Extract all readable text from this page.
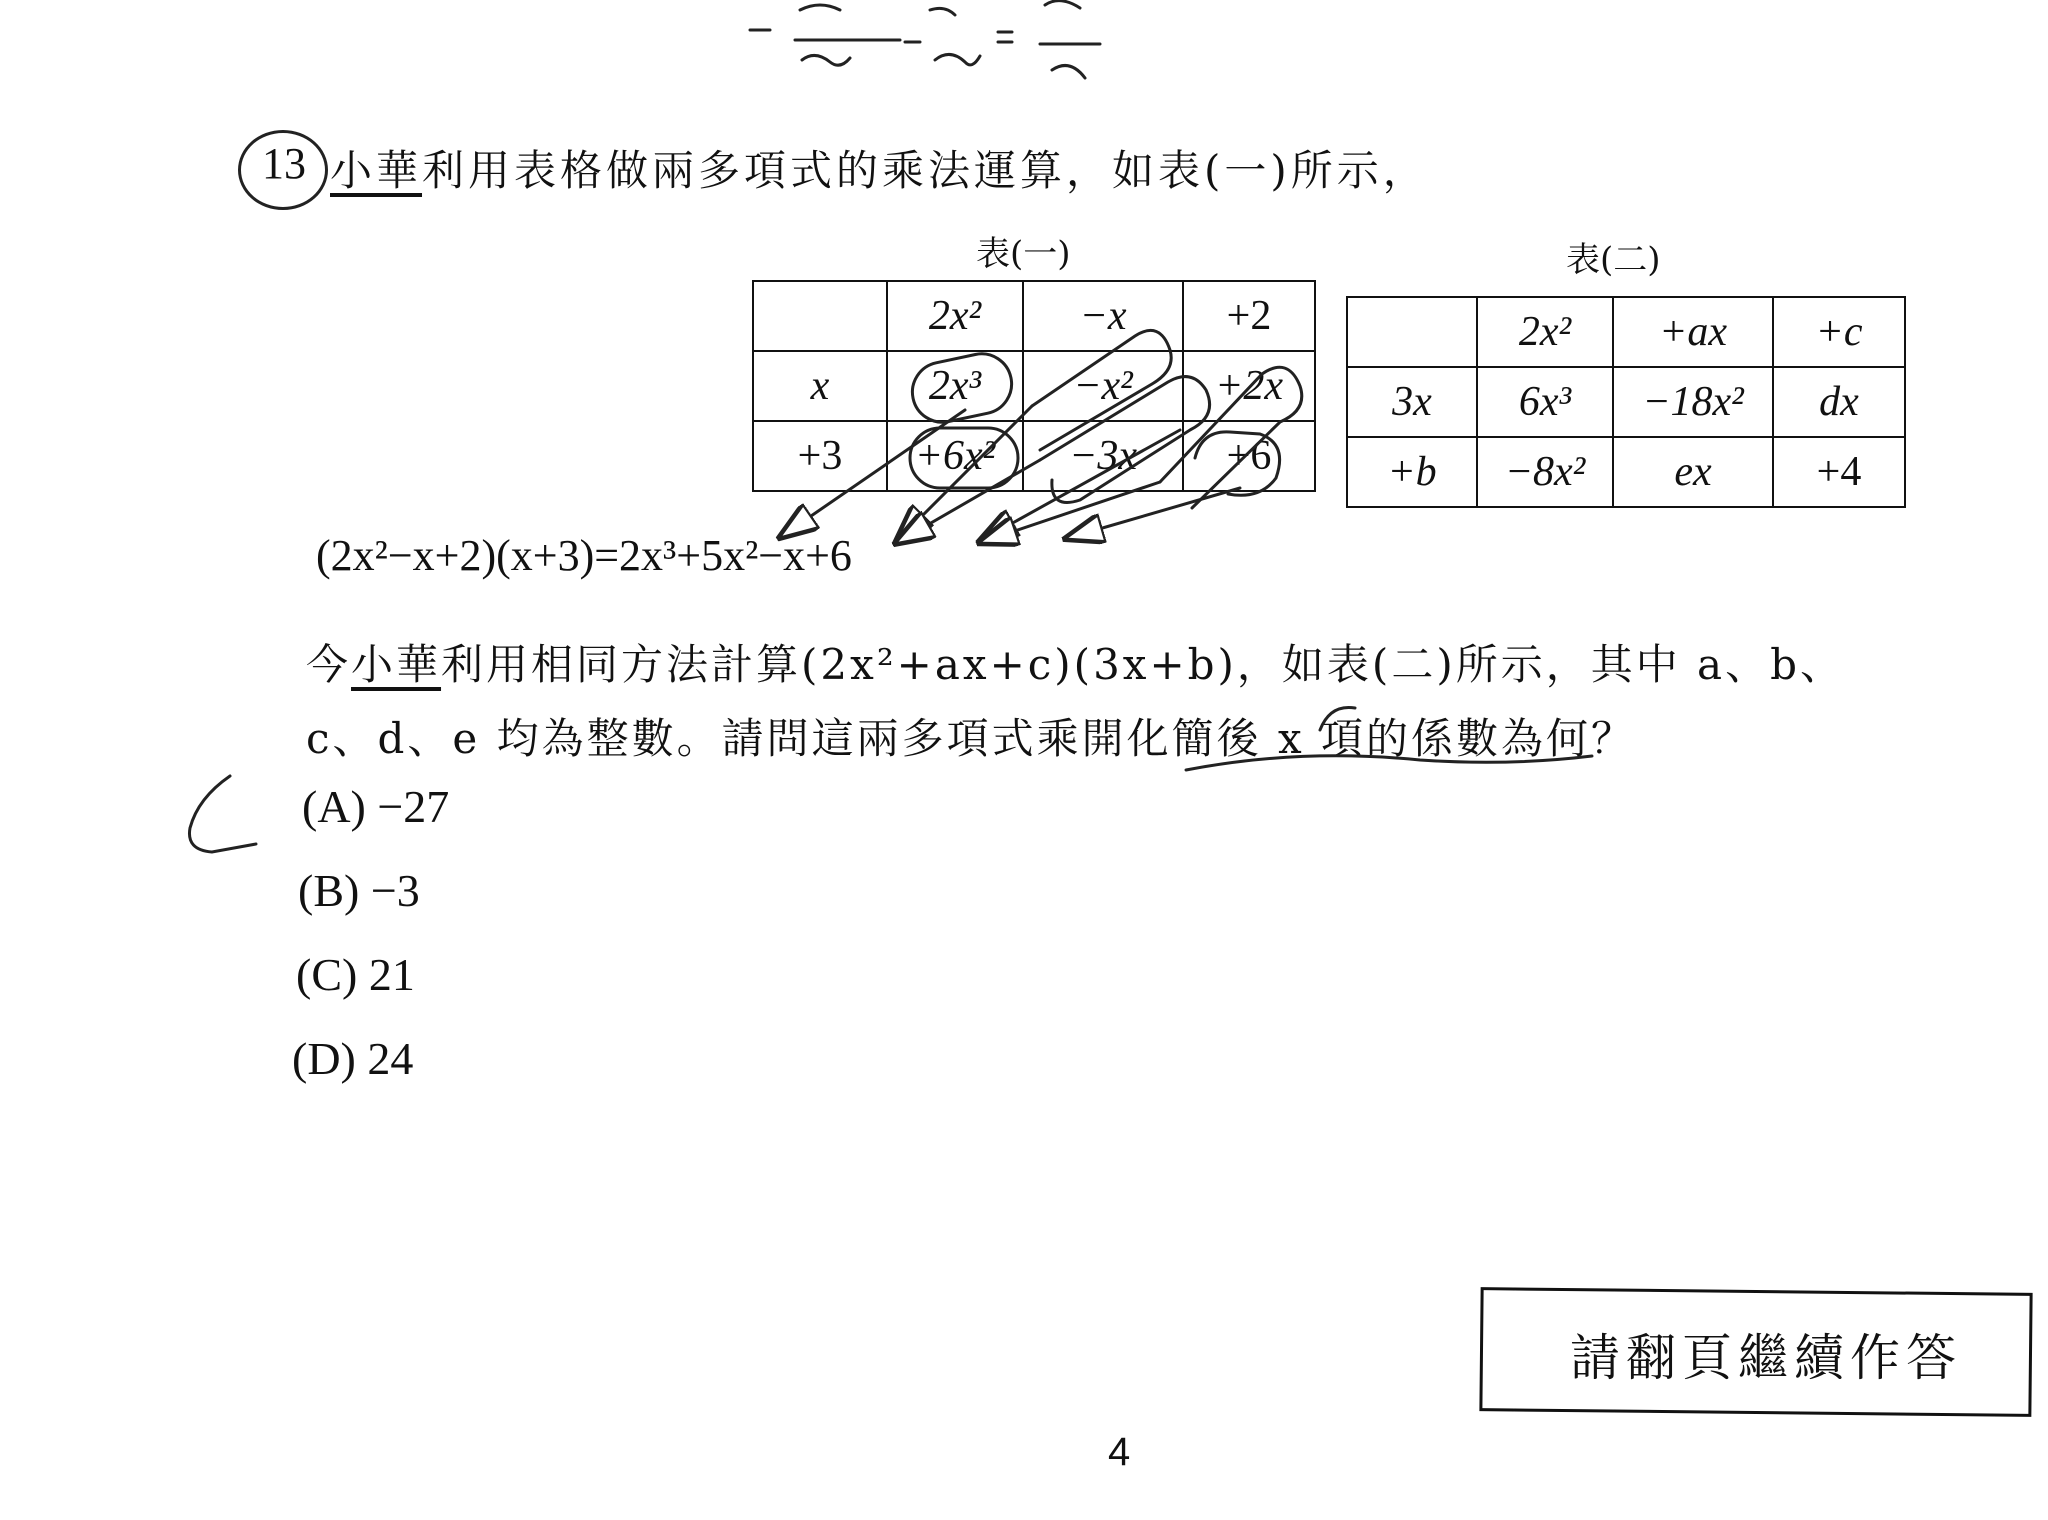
13 小華利用表格做兩多項式的乘法運算，如表(一)所示，
表(一)	表(二)
	2x²	−x	+2
x	2x³	−x²	+2x
+3	+6x²	−3x	+6
	2x²	+ax	+c
3x	6x³	−18x²	dx
+b	−8x²	ex	+4
(2x²−x+2)(x+3)=2x³+5x²−x+6
今小華利用相同方法計算(2x²+ax+c)(3x+b)，如表(二)所示，其中 a、b、
c、d、e 均為整數。請問這兩多項式乘開化簡後 x 項的係數為何？
(A) −27
(B) −3
(C) 21
(D) 24
請翻頁繼續作答
4
